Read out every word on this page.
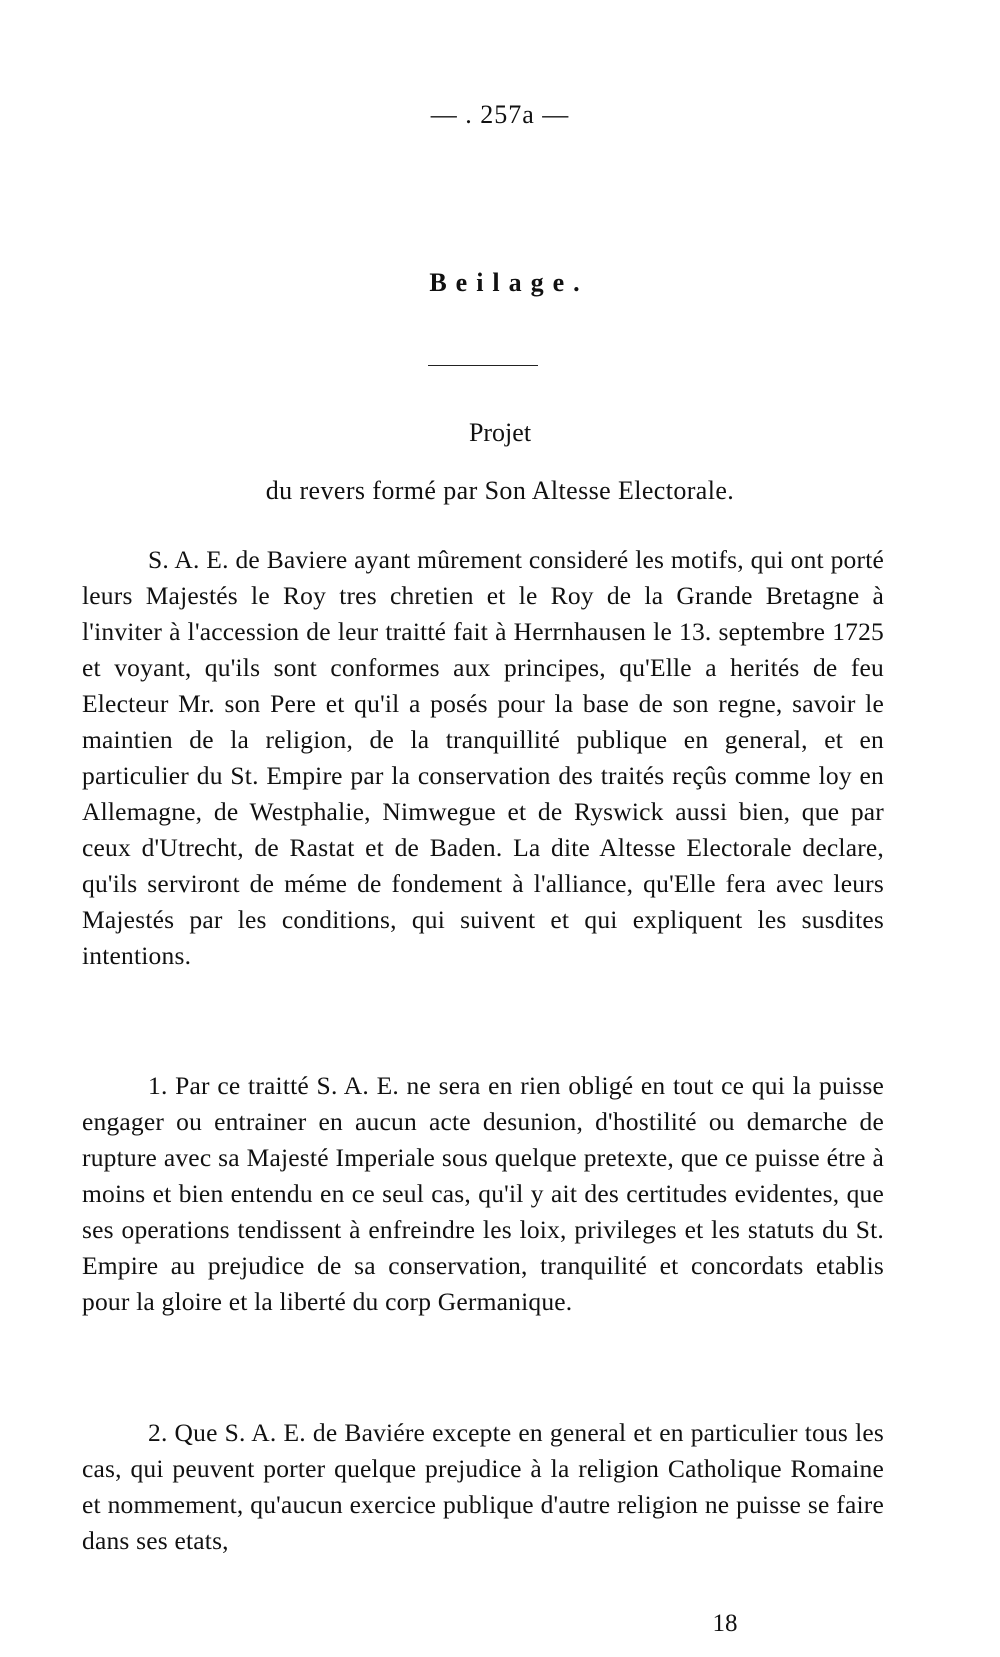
— . 257a —
Beilage.
Projet
du revers formé par Son Altesse Electorale.
S. A. E. de Baviere ayant mûrement consideré les motifs, qui ont porté leurs Majestés le Roy tres chretien et le Roy de la Grande Bretagne à l'inviter à l'accession de leur traitté fait à Herrnhausen le 13. septembre 1725 et voyant, qu'ils sont conformes aux principes, qu'Elle a herités de feu Electeur Mr. son Pere et qu'il a posés pour la base de son regne, savoir le maintien de la religion, de la tranquillité publique en general, et en particulier du St. Empire par la conservation des traités reçûs comme loy en Allemagne, de Westphalie, Nimwegue et de Ryswick aussi bien, que par ceux d'Utrecht, de Rastat et de Baden. La dite Altesse Electorale declare, qu'ils serviront de méme de fondement à l'alliance, qu'Elle fera avec leurs Majestés par les conditions, qui suivent et qui expliquent les susdites intentions.
1. Par ce traitté S. A. E. ne sera en rien obligé en tout ce qui la puisse engager ou entrainer en aucun acte desunion, d'hostilité ou demarche de rupture avec sa Majesté Imperiale sous quelque pretexte, que ce puisse étre à moins et bien entendu en ce seul cas, qu'il y ait des certitudes evidentes, que ses operations tendissent à enfreindre les loix, privileges et les statuts du St. Empire au prejudice de sa conservation, tranquilité et concordats etablis pour la gloire et la liberté du corp Germanique.
2. Que S. A. E. de Baviére excepte en general et en particulier tous les cas, qui peuvent porter quelque prejudice à la religion Catholique Romaine et nommement, qu'aucun exercice publique d'autre religion ne puisse se faire dans ses etats,
18
